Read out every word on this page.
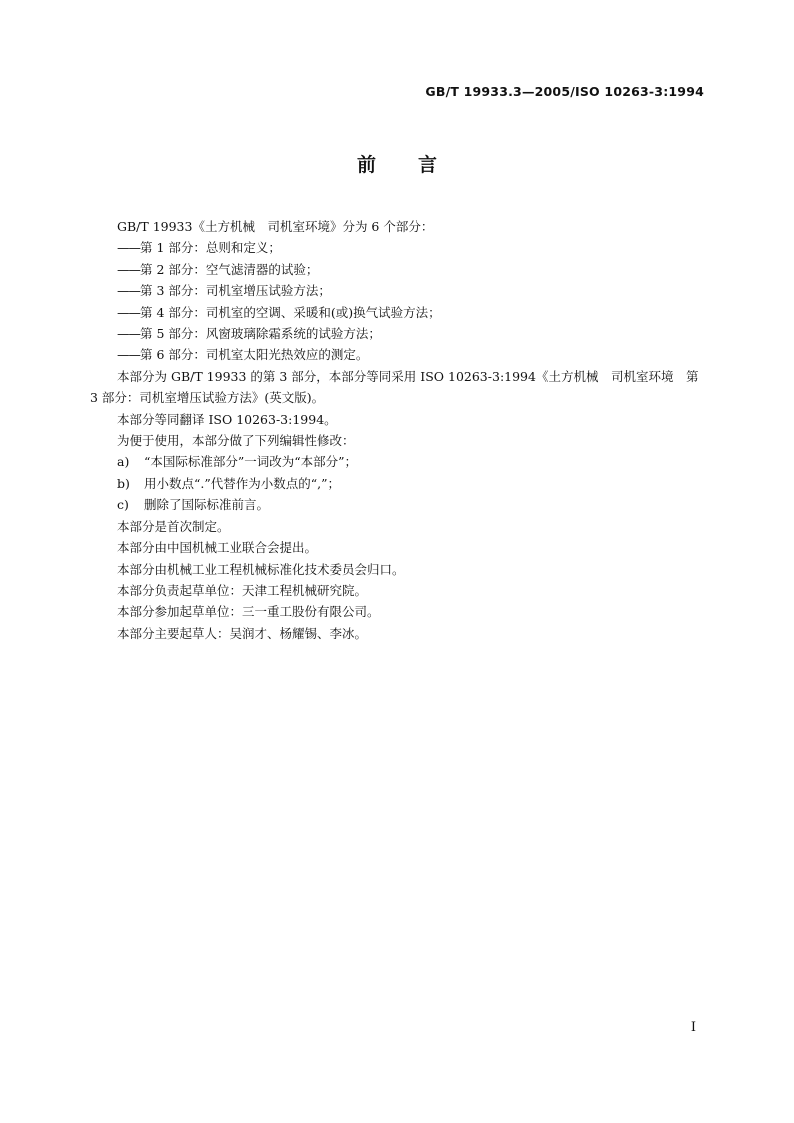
GB/T 19933.3—2005/ISO 10263-3:1994
前言

GB/T 19933《土方机械　司机室环境》分为 6 个部分：

——第 1 部分：总则和定义；

——第 2 部分：空气滤清器的试验；

——第 3 部分：司机室增压试验方法；

——第 4 部分：司机室的空调、采暖和(或)换气试验方法；

——第 5 部分：风窗玻璃除霜系统的试验方法；

——第 6 部分：司机室太阳光热效应的测定。

本部分为 GB/T 19933 的第 3 部分，本部分等同采用 ISO 10263-3:1994《土方机械　司机室环境　第 3 部分：司机室增压试验方法》(英文版)。

本部分等同翻译 ISO 10263-3:1994。

为便于使用，本部分做了下列编辑性修改：

a) “本国际标准部分”一词改为“本部分”；

b) 用小数点“.”代替作为小数点的“,”；

c) 删除了国际标准前言。

本部分是首次制定。

本部分由中国机械工业联合会提出。

本部分由机械工业工程机械标准化技术委员会归口。

本部分负责起草单位：天津工程机械研究院。

本部分参加起草单位：三一重工股份有限公司。

本部分主要起草人：吴润才、杨耀锡、李冰。

I
